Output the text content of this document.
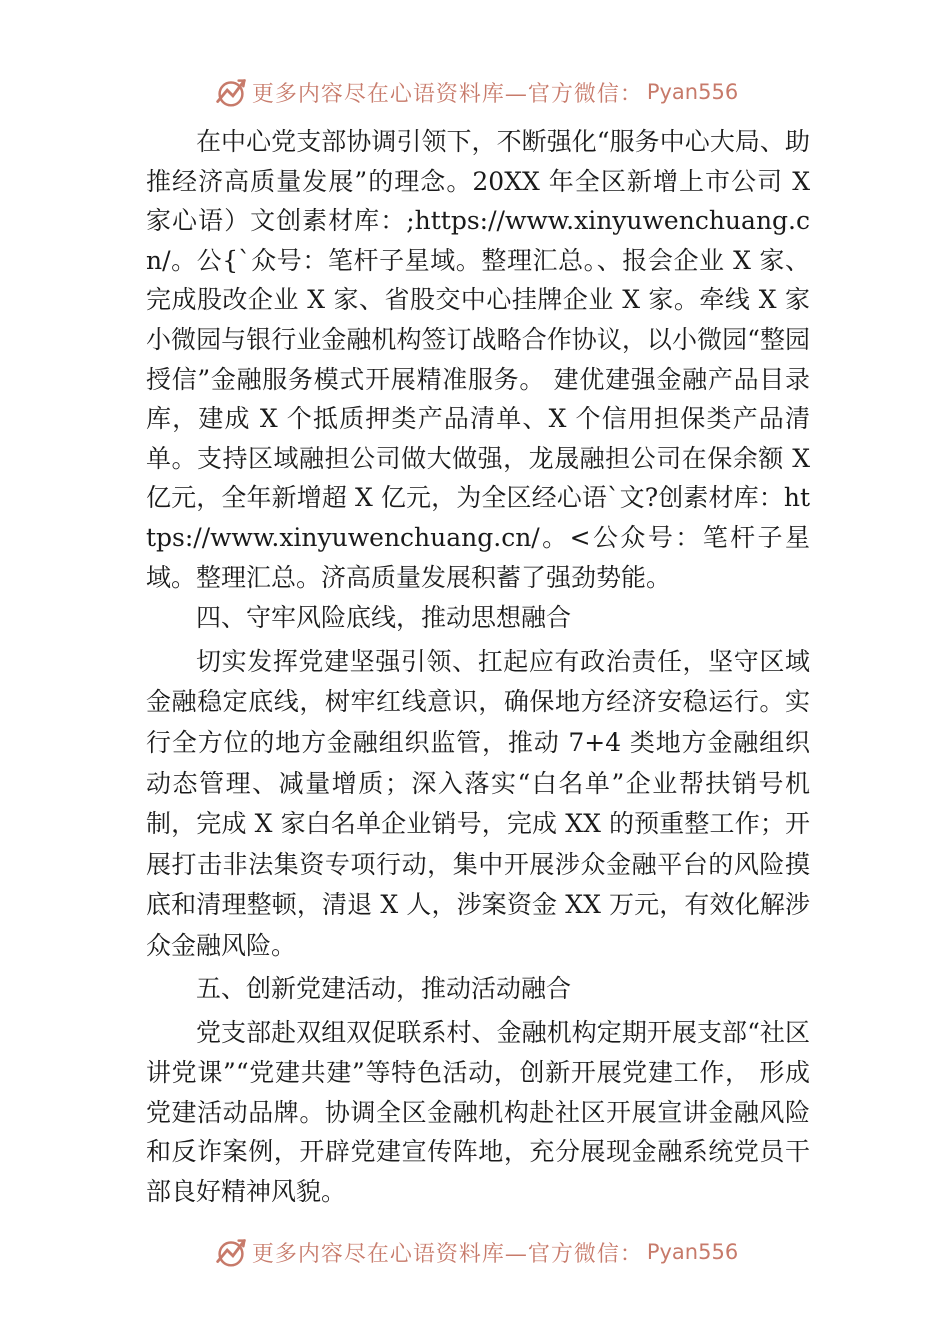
更多内容尽在心语资料库—官方微信： Pyan556

在中心党支部协调引领下，不断强化“服务中心大局、助推经济高质量发展”的理念。20XX 年全区新增上市公司 X 家心语）文创素材库：;https://www.xinyuwenchuang.cn/。公{`众号：笔杆子星域。整理汇总。、报会企业 X 家、完成股改企业 X 家、省股交中心挂牌企业 X 家。牵线 X 家小微园与银行业金融机构签订战略合作协议，以小微园“整园授信”金融服务模式开展精准服务。 建优建强金融产品目录库，建成 X 个抵质押类产品清单、X 个信用担保类产品清单。支持区域融担公司做大做强，龙晟融担公司在保余额 X 亿元，全年新增超 X 亿元，为全区经心语`文?创素材库：https://www.xinyuwenchuang.cn/。<公众号：笔杆子星域。整理汇总。济高质量发展积蓄了强劲势能。

四、守牢风险底线，推动思想融合

切实发挥党建坚强引领、扛起应有政治责任，坚守区域金融稳定底线，树牢红线意识，确保地方经济安稳运行。实行全方位的地方金融组织监管，推动 7+4 类地方金融组织动态管理、减量增质；深入落实“白名单”企业帮扶销号机制，完成 X 家白名单企业销号，完成 XX 的预重整工作；开展打击非法集资专项行动，集中开展涉众金融平台的风险摸底和清理整顿，清退 X 人，涉案资金 XX 万元，有效化解涉众金融风险。

五、创新党建活动，推动活动融合

党支部赴双组双促联系村、金融机构定期开展支部“社区讲党课”“党建共建”等特色活动，创新开展党建工作， 形成党建活动品牌。协调全区金融机构赴社区开展宣讲金融风险和反诈案例，开辟党建宣传阵地，充分展现金融系统党员干部良好精神风貌。

更多内容尽在心语资料库—官方微信： Pyan556
